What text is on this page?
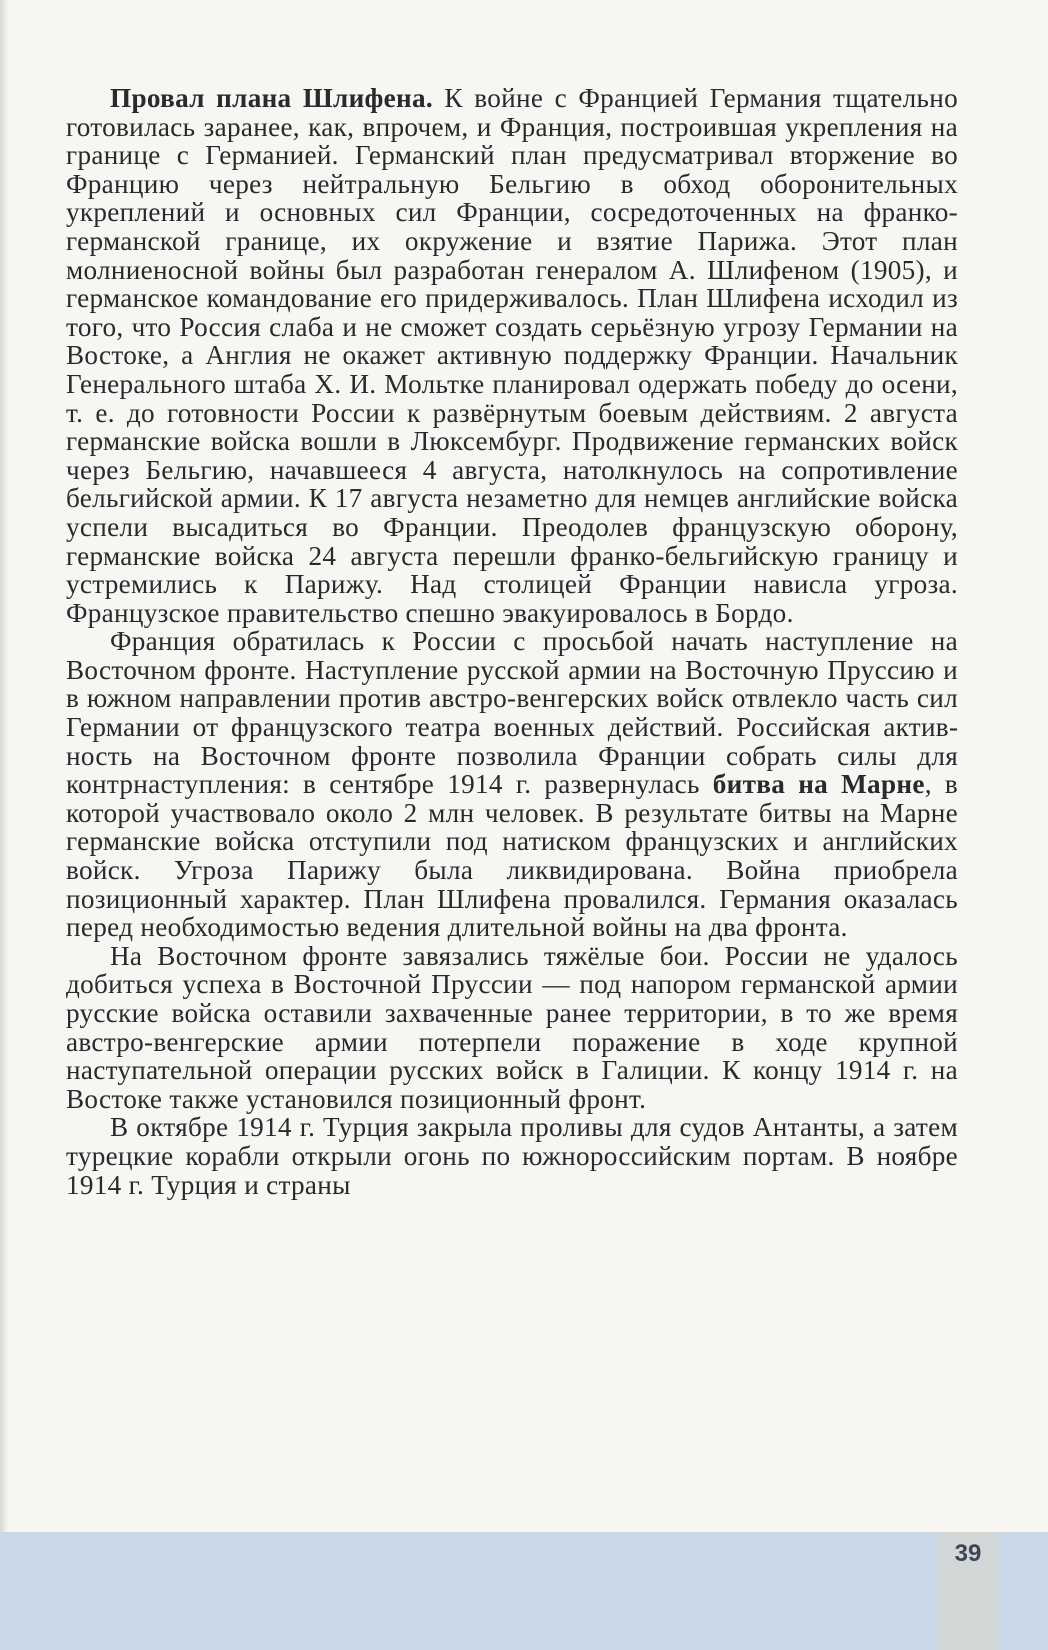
Провал плана Шлифена. К войне с Францией Германия тщательно готовилась заранее, как, впрочем, и Франция, построившая укрепления на границе с Германией. Германский план предусматривал вторжение во Францию через нейтральную Бельгию в обход оборонительных укреплений и основных сил Франции, сосредоточенных на франко-германской границе, их окружение и взятие Парижа. Этот план молниеносной войны был разработан генералом А. Шлифеном (1905), и германское командование его придерживалось. План Шлифена исходил из того, что Россия слаба и не сможет создать серьёзную угрозу Германии на Востоке, а Англия не окажет активную поддержку Франции. Начальник Генерального штаба Х. И. Мольтке планировал одержать победу до осени, т. е. до готовности России к развёрнутым боевым действиям. 2 августа германские войска вошли в Люксембург. Продвижение германских войск через Бельгию, начавшееся 4 августа, натолкнулось на сопротивление бельгийской армии. К 17 августа незаметно для немцев английские войска успели высадиться во Франции. Преодолев французскую оборону, германские войска 24 августа перешли франко-бельгийскую границу и устремились к Парижу. Над столицей Франции нависла угроза. Французское правительство спешно эвакуировалось в Бордо.

Франция обратилась к России с просьбой начать наступление на Восточном фронте. Наступление русской армии на Восточную Пруссию и в южном направлении против австро-венгерских войск отвлекло часть сил Германии от французского театра военных действий. Российская активность на Восточном фронте позволила Франции собрать силы для контрнаступления: в сентябре 1914 г. развернулась битва на Марне, в которой участвовало около 2 млн человек. В результате битвы на Марне германские войска отступили под натиском французских и английских войск. Угроза Парижу была ликвидирована. Война приобрела позиционный характер. План Шлифена провалился. Германия оказалась перед необходимостью ведения длительной войны на два фронта.

На Восточном фронте завязались тяжёлые бои. России не удалось добиться успеха в Восточной Пруссии — под напором германской армии русские войска оставили захваченные ранее территории, в то же время австро-венгерские армии потерпели поражение в ходе крупной наступательной операции русских войск в Галиции. К концу 1914 г. на Востоке также установился позиционный фронт.

В октябре 1914 г. Турция закрыла проливы для судов Антанты, а затем турецкие корабли открыли огонь по южнороссийским портам. В ноябре 1914 г. Турция и страны

39
